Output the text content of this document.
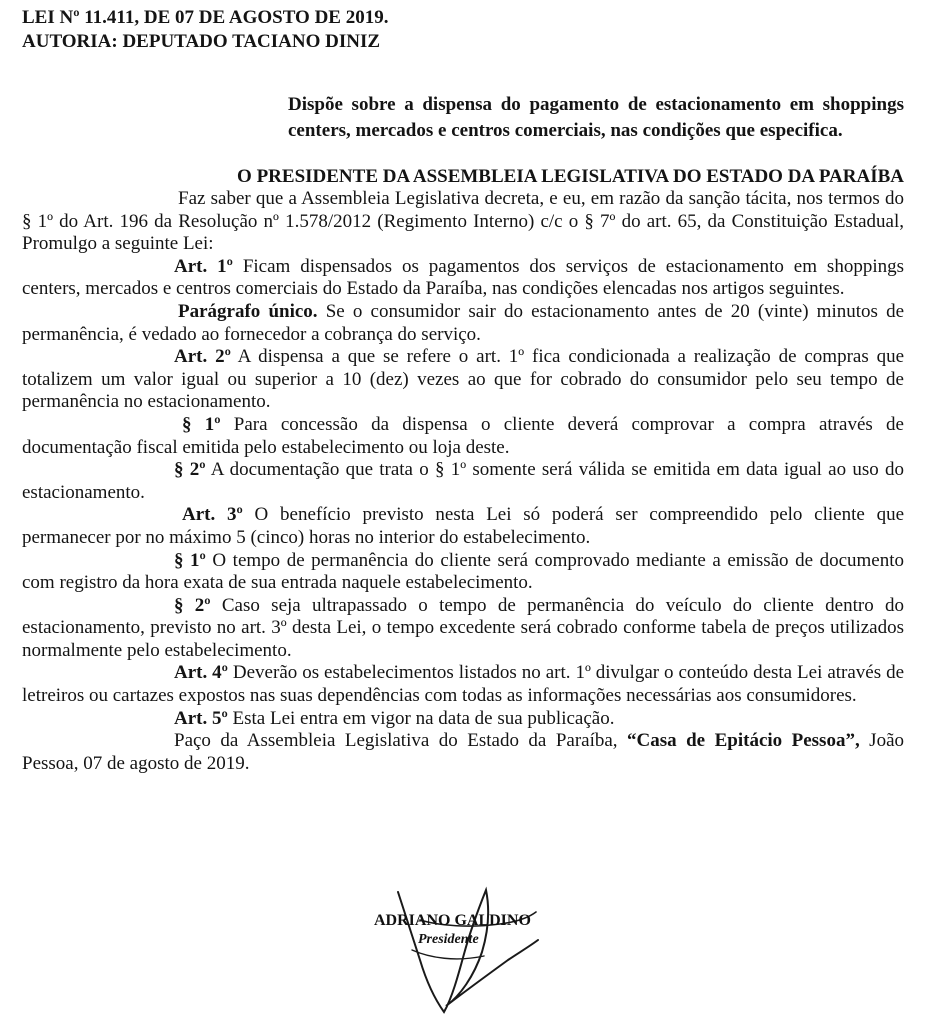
LEI Nº 11.411, DE 07 DE AGOSTO DE 2019.

AUTORIA: DEPUTADO TACIANO DINIZ

Dispõe sobre a dispensa do pagamento de estacionamento em shoppings centers, mercados e centros comerciais, nas condições que especifica.
O PRESIDENTE DA ASSEMBLEIA LEGISLATIVA DO ESTADO DA PARAÍBA

Faz saber que a Assembleia Legislativa decreta, e eu, em razão da sanção tácita, nos termos do § 1º do Art. 196 da Resolução nº 1.578/2012 (Regimento Interno) c/c o § 7º do art. 65, da Constituição Estadual, Promulgo a seguinte Lei:

Art. 1º Ficam dispensados os pagamentos dos serviços de estacionamento em shoppings centers, mercados e centros comerciais do Estado da Paraíba, nas condições elencadas nos artigos seguintes.

Parágrafo único. Se o consumidor sair do estacionamento antes de 20 (vinte) minutos de permanência, é vedado ao fornecedor a cobrança do serviço.

Art. 2º A dispensa a que se refere o art. 1º fica condicionada a realização de compras que totalizem um valor igual ou superior a 10 (dez) vezes ao que for cobrado do consumidor pelo seu tempo de permanência no estacionamento.

§ 1º Para concessão da dispensa o cliente deverá comprovar a compra através de documentação fiscal emitida pelo estabelecimento ou loja deste.

§ 2º A documentação que trata o § 1º somente será válida se emitida em data igual ao uso do estacionamento.

Art. 3º O benefício previsto nesta Lei só poderá ser compreendido pelo cliente que permanecer por no máximo 5 (cinco) horas no interior do estabelecimento.

§ 1º O tempo de permanência do cliente será comprovado mediante a emissão de documento com registro da hora exata de sua entrada naquele estabelecimento.

§ 2º Caso seja ultrapassado o tempo de permanência do veículo do cliente dentro do estacionamento, previsto no art. 3º desta Lei, o tempo excedente será cobrado conforme tabela de preços utilizados normalmente pelo estabelecimento.

Art. 4º Deverão os estabelecimentos listados no art. 1º divulgar o conteúdo desta Lei através de letreiros ou cartazes expostos nas suas dependências com todas as informações necessárias aos consumidores.

Art. 5º Esta Lei entra em vigor na data de sua publicação.

Paço da Assembleia Legislativa do Estado da Paraíba, “Casa de Epitácio Pessoa”, João Pessoa, 07 de agosto de 2019.

ADRIANO GALDINO
Presidente
